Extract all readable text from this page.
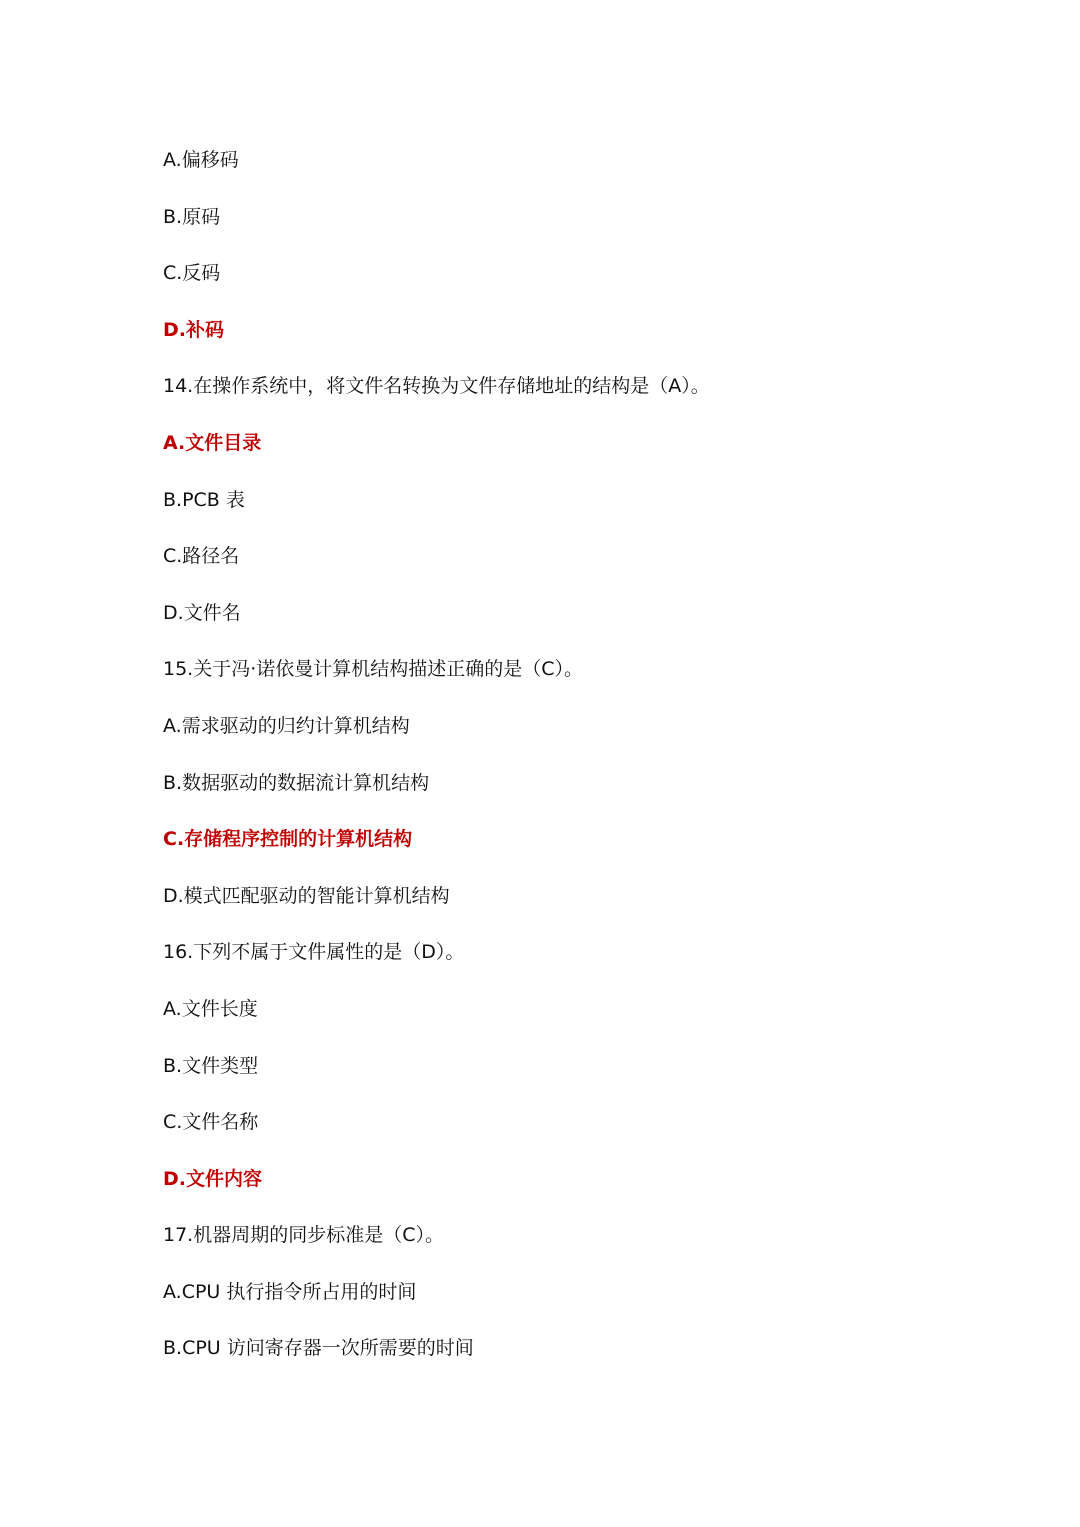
A.偏移码
B.原码
C.反码
D.补码
14.在操作系统中，将文件名转换为文件存储地址的结构是（A）。
A.文件目录
B.PCB 表
C.路径名
D.文件名
15.关于冯·诺依曼计算机结构描述正确的是（C）。
A.需求驱动的归约计算机结构
B.数据驱动的数据流计算机结构
C.存储程序控制的计算机结构
D.模式匹配驱动的智能计算机结构
16.下列不属于文件属性的是（D）。
A.文件长度
B.文件类型
C.文件名称
D.文件内容
17.机器周期的同步标准是（C）。
A.CPU 执行指令所占用的时间
B.CPU 访问寄存器一次所需要的时间
